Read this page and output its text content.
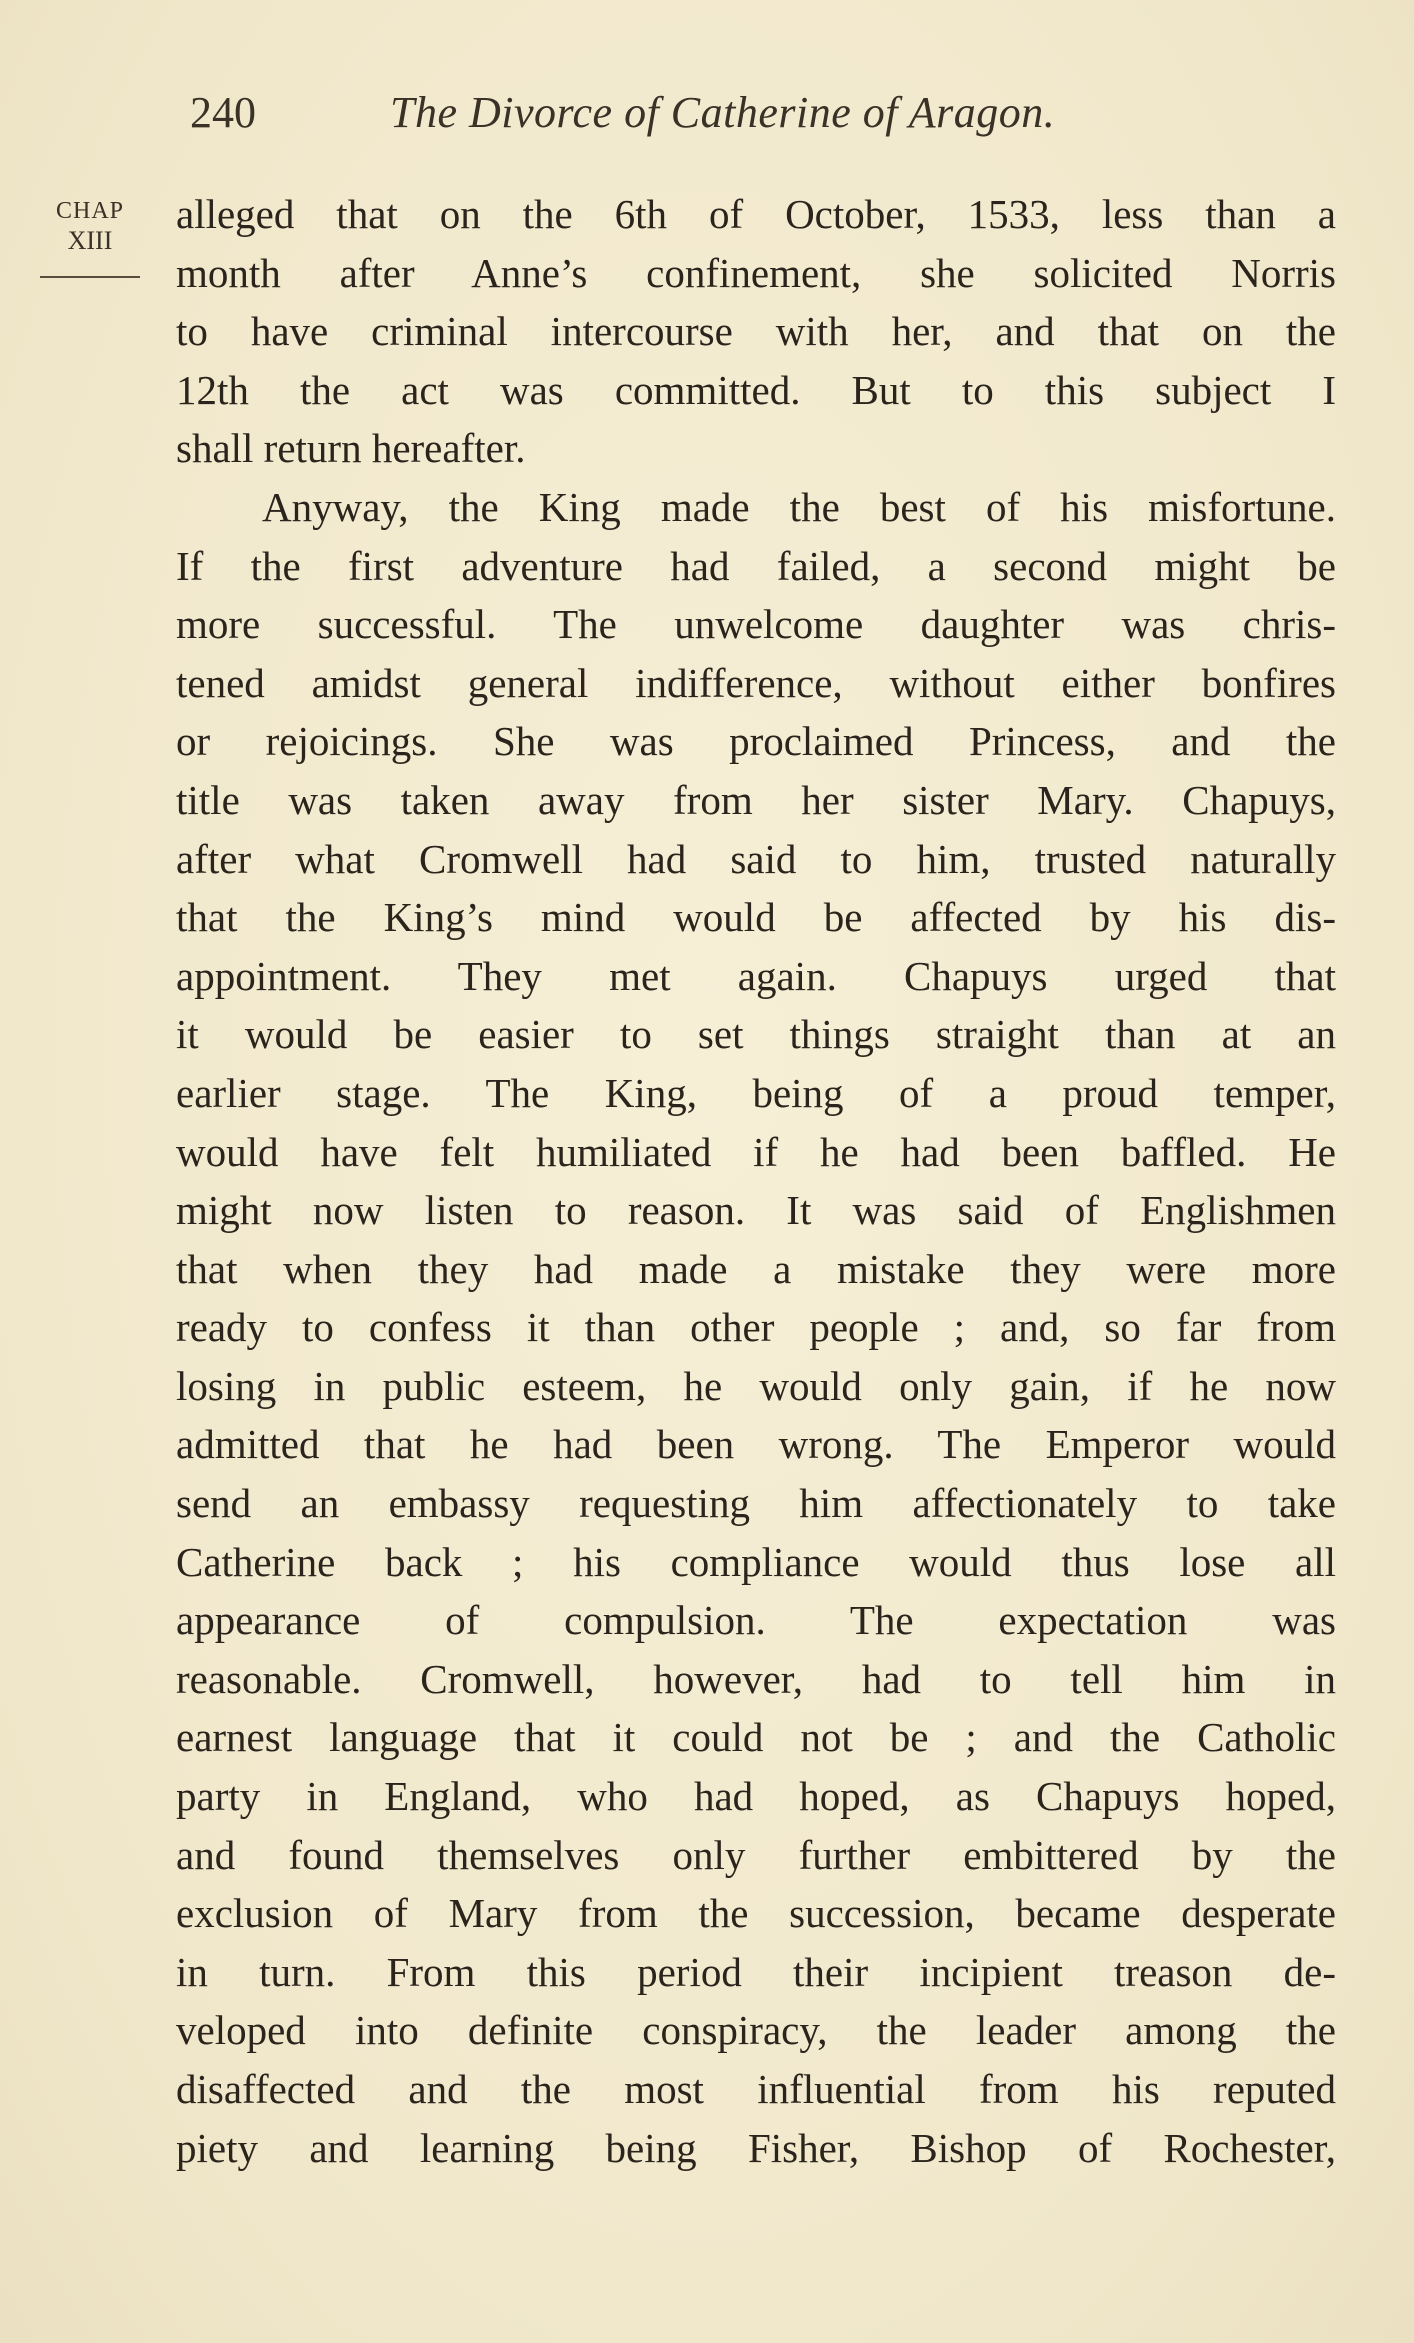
240	The Divorce of Catherine of Aragon.
CHAP
XIII
alleged that on the 6th of October, 1533, less than a
month after Anne’s confinement, she solicited Norris
to have criminal intercourse with her, and that on the
12th the act was committed. But to this subject I
shall return hereafter.
Anyway, the King made the best of his misfortune.
If the first adventure had failed, a second might be
more successful. The unwelcome daughter was chris-
tened amidst general indifference, without either bonfires
or rejoicings. She was proclaimed Princess, and the
title was taken away from her sister Mary. Chapuys,
after what Cromwell had said to him, trusted naturally
that the King’s mind would be affected by his dis-
appointment. They met again. Chapuys urged that
it would be easier to set things straight than at an
earlier stage. The King, being of a proud temper,
would have felt humiliated if he had been baffled. He
might now listen to reason. It was said of Englishmen
that when they had made a mistake they were more
ready to confess it than other people ; and, so far from
losing in public esteem, he would only gain, if he now
admitted that he had been wrong. The Emperor would
send an embassy requesting him affectionately to take
Catherine back ; his compliance would thus lose all
appearance of compulsion. The expectation was
reasonable. Cromwell, however, had to tell him in
earnest language that it could not be ; and the Catholic
party in England, who had hoped, as Chapuys hoped,
and found themselves only further embittered by the
exclusion of Mary from the succession, became desperate
in turn. From this period their incipient treason de-
veloped into definite conspiracy, the leader among the
disaffected and the most influential from his reputed
piety and learning being Fisher, Bishop of Rochester,
